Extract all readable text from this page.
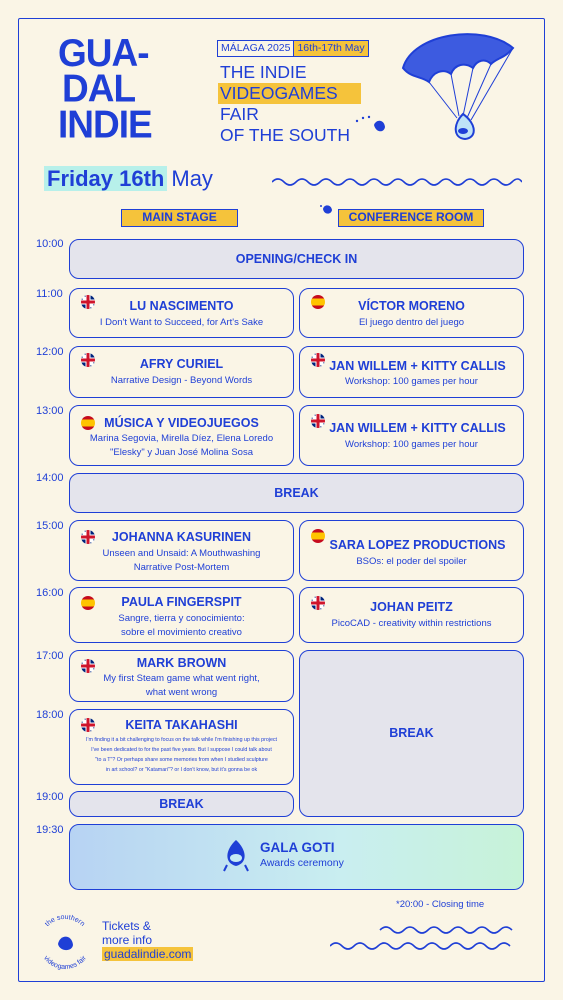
GUA-
DAL
INDIE
MÁLAGA 2025 16th-17th May
THE INDIE
VIDEOGAMES
FAIR
OF THE SOUTH
Friday 16th May
MAIN STAGE	CONFERENCE ROOM
10:00
11:00
12:00
13:00
14:00
15:00
16:00
17:00
18:00
19:00
19:30
OPENING/CHECK IN
LU NASCIMENTO
I Don't Want to Succeed, for Art's Sake
VÍCTOR MORENO
El juego dentro del juego
AFRY CURIEL
Narrative Design - Beyond Words
JAN WILLEM + KITTY CALLIS
Workshop: 100 games per hour
MÚSICA Y VIDEOJUEGOS
Marina Segovia, Mirella Díez, Elena Loredo
"Elesky" y Juan José Molina Sosa
JAN WILLEM + KITTY CALLIS
Workshop: 100 games per hour
BREAK
JOHANNA KASURINEN
Unseen and Unsaid: A Mouthwashing
Narrative Post-Mortem
SARA LOPEZ PRODUCTIONS
BSOs: el poder del spoiler
PAULA FINGERSPIT
Sangre, tierra y conocimiento:
sobre el movimiento creativo
JOHAN PEITZ
PicoCAD - creativity within restrictions
MARK BROWN
My first Steam game what went right,
what went wrong
BREAK
KEITA TAKAHASHI
I'm finding it a bit challenging to focus on the talk while I'm finishing up this project
I've been dedicated to for the past five years. But I suppose I could talk about
"to a T"? Or perhaps share some memories from when I studied sculpture
in art school? or "Katamari"? or I don't know, but it's gonna be ok
BREAK
GALA GOTI
Awards ceremony
*20:00 - Closing time
the southern
videogames fair
Tickets &
more info
guadalindie.com
